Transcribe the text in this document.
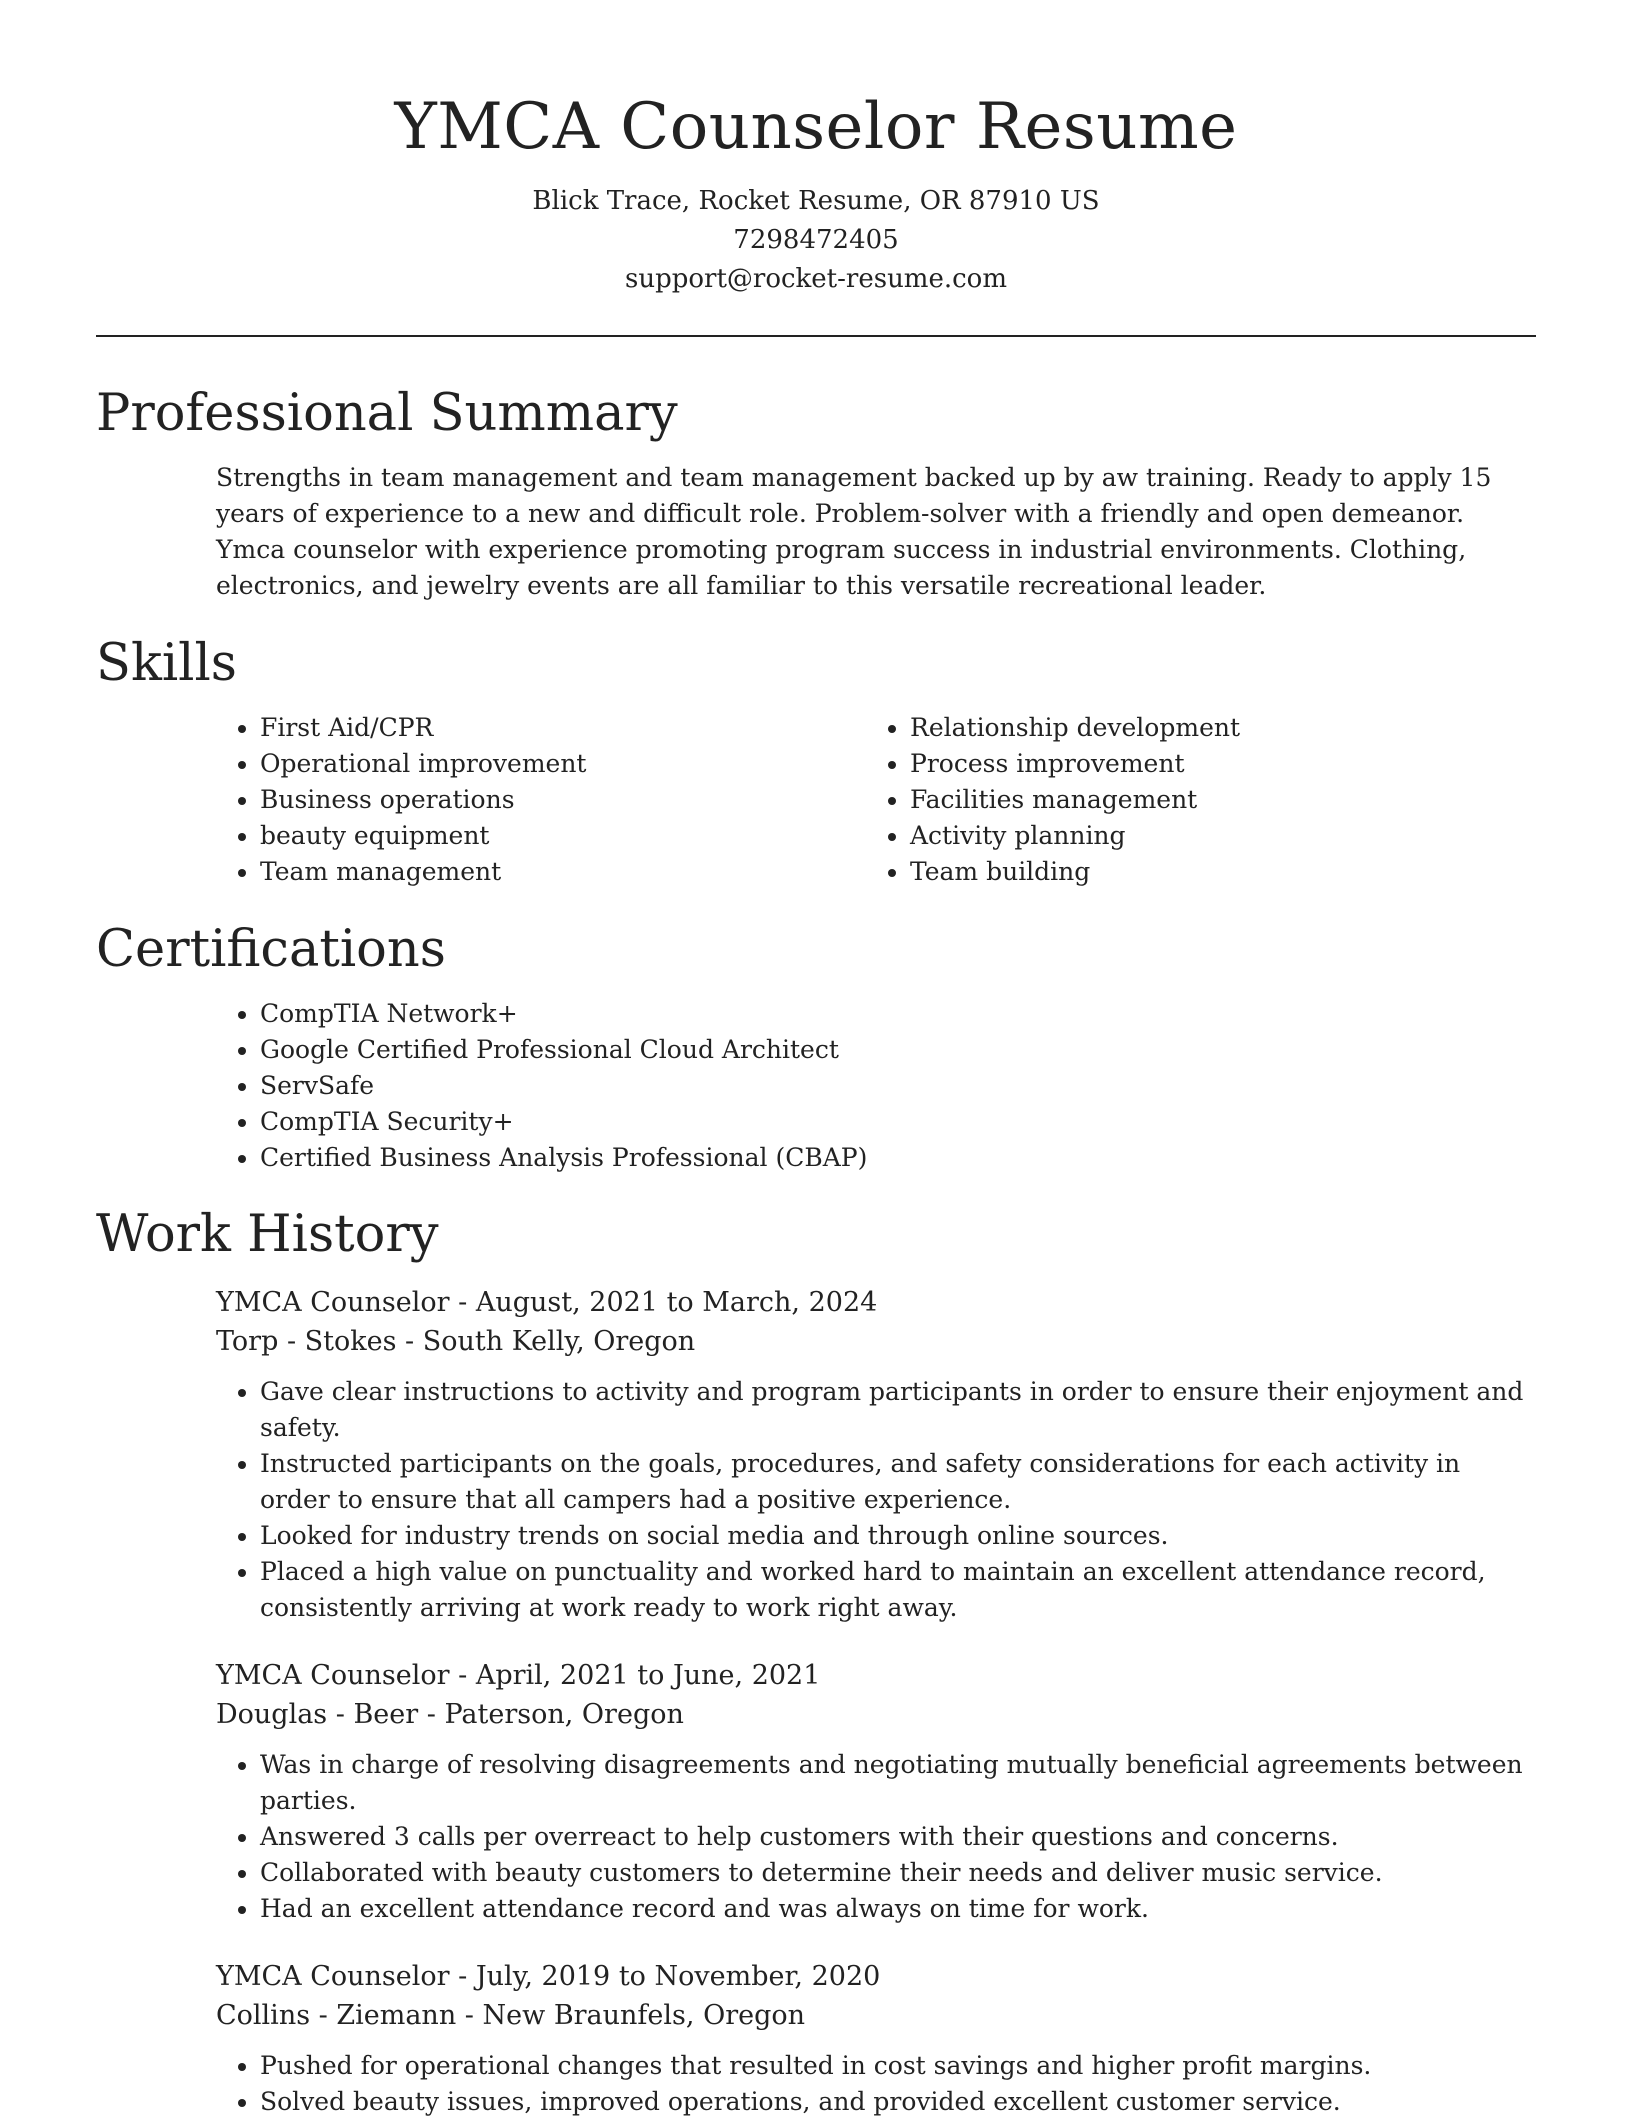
YMCA Counselor Resume
Blick Trace, Rocket Resume, OR 87910 US
7298472405
support@rocket-resume.com
Professional Summary

Strengths in team management and team management backed up by aw training. Ready to apply 15 years of experience to a new and difficult role. Problem-solver with a friendly and open demeanor. Ymca counselor with experience promoting program success in industrial environments. Clothing, electronics, and jewelry events are all familiar to this versatile recreational leader.

Skills
• First Aid/CPR
• Operational improvement
• Business operations
• beauty equipment
• Team management
• Relationship development
• Process improvement
• Facilities management
• Activity planning
• Team building
Certifications
• CompTIA Network+
• Google Certified Professional Cloud Architect
• ServSafe
• CompTIA Security+
• Certified Business Analysis Professional (CBAP)
Work History
YMCA Counselor - August, 2021 to March, 2024
Torp - Stokes - South Kelly, Oregon
• Gave clear instructions to activity and program participants in order to ensure their enjoyment and safety.
• Instructed participants on the goals, procedures, and safety considerations for each activity in order to ensure that all campers had a positive experience.
• Looked for industry trends on social media and through online sources.
• Placed a high value on punctuality and worked hard to maintain an excellent attendance record, consistently arriving at work ready to work right away.
YMCA Counselor - April, 2021 to June, 2021
Douglas - Beer - Paterson, Oregon
• Was in charge of resolving disagreements and negotiating mutually beneficial agreements between parties.
• Answered 3 calls per overreact to help customers with their questions and concerns.
• Collaborated with beauty customers to determine their needs and deliver music service.
• Had an excellent attendance record and was always on time for work.
YMCA Counselor - July, 2019 to November, 2020
Collins - Ziemann - New Braunfels, Oregon
• Pushed for operational changes that resulted in cost savings and higher profit margins.
• Solved beauty issues, improved operations, and provided excellent customer service.
